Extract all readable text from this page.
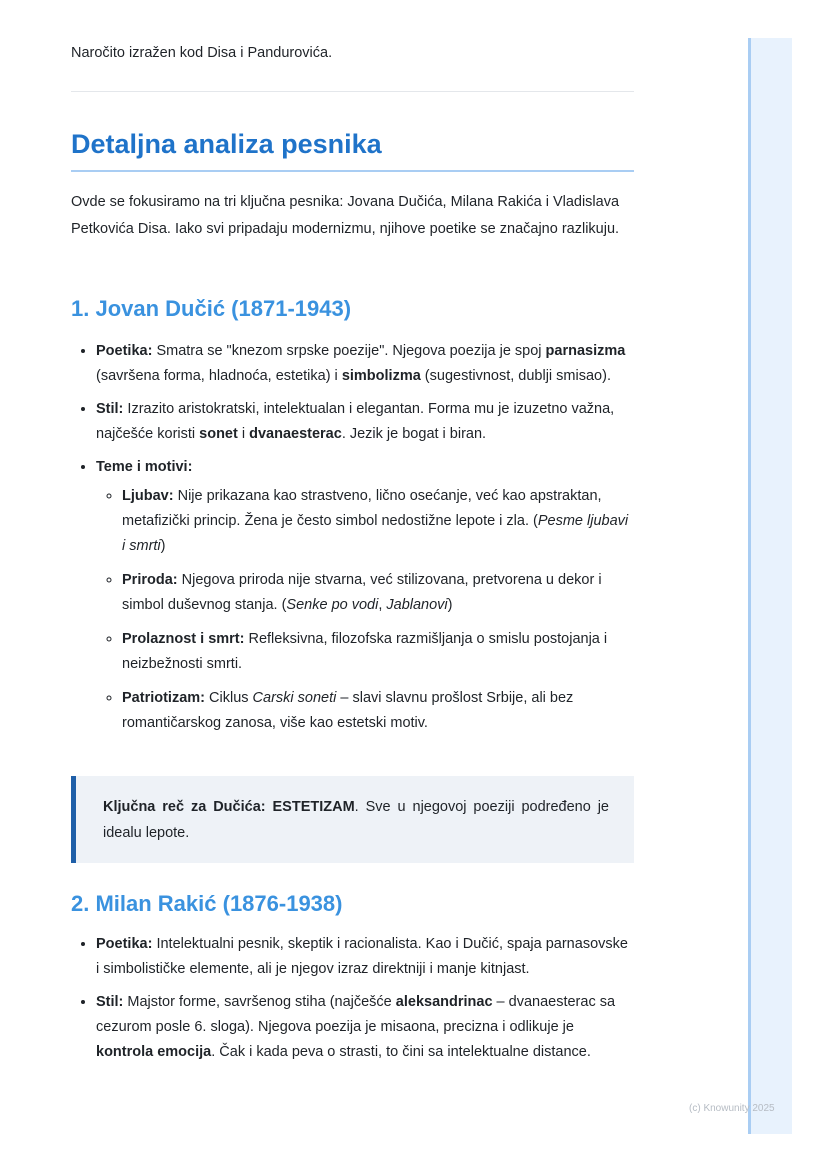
Naročito izražen kod Disa i Pandurovića.

Detaljna analiza pesnika

Ovde se fokusiramo na tri ključna pesnika: Jovana Dučića, Milana Rakića i Vladislava Petkovića Disa. Iako svi pripadaju modernizmu, njihove poetike se značajno razlikuju.

1. Jovan Dučić (1871-1943)
• Poetika: Smatra se "knezom srpske poezije". Njegova poezija je spoj parnasizma (savršena forma, hladnoća, estetika) i simbolizma (sugestivnost, dublji smisao).
• Stil: Izrazito aristokratski, intelektualan i elegantan. Forma mu je izuzetno važna, najčešće koristi sonet i dvanaesterac. Jezik je bogat i biran.
• Teme i motivi:
◦ Ljubav: Nije prikazana kao strastveno, lično osećanje, već kao apstraktan, metafizički princip. Žena je često simbol nedostižne lepote i zla. (Pesme ljubavi i smrti)
◦ Priroda: Njegova priroda nije stvarna, već stilizovana, pretvorena u dekor i simbol duševnog stanja. (Senke po vodi, Jablanovi)
◦ Prolaznost i smrt: Refleksivna, filozofska razmišljanja o smislu postojanja i neizbežnosti smrti.
◦ Patriotizam: Ciklus Carski soneti – slavi slavnu prošlost Srbije, ali bez romantičarskog zanosa, više kao estetski motiv.
Ključna reč za Dučića: ESTETIZAM. Sve u njegovoj poeziji podređeno je idealu lepote.
2. Milan Rakić (1876-1938)
• Poetika: Intelektualni pesnik, skeptik i racionalista. Kao i Dučić, spaja parnasovske i simbolističke elemente, ali je njegov izraz direktniji i manje kitnjast.
• Stil: Majstor forme, savršenog stiha (najčešće aleksandrinac – dvanaesterac sa cezurom posle 6. sloga). Njegova poezija je misaona, precizna i odlikuje je kontrola emocija. Čak i kada peva o strasti, to čini sa intelektualne distance.
(c) Knowunity 2025
